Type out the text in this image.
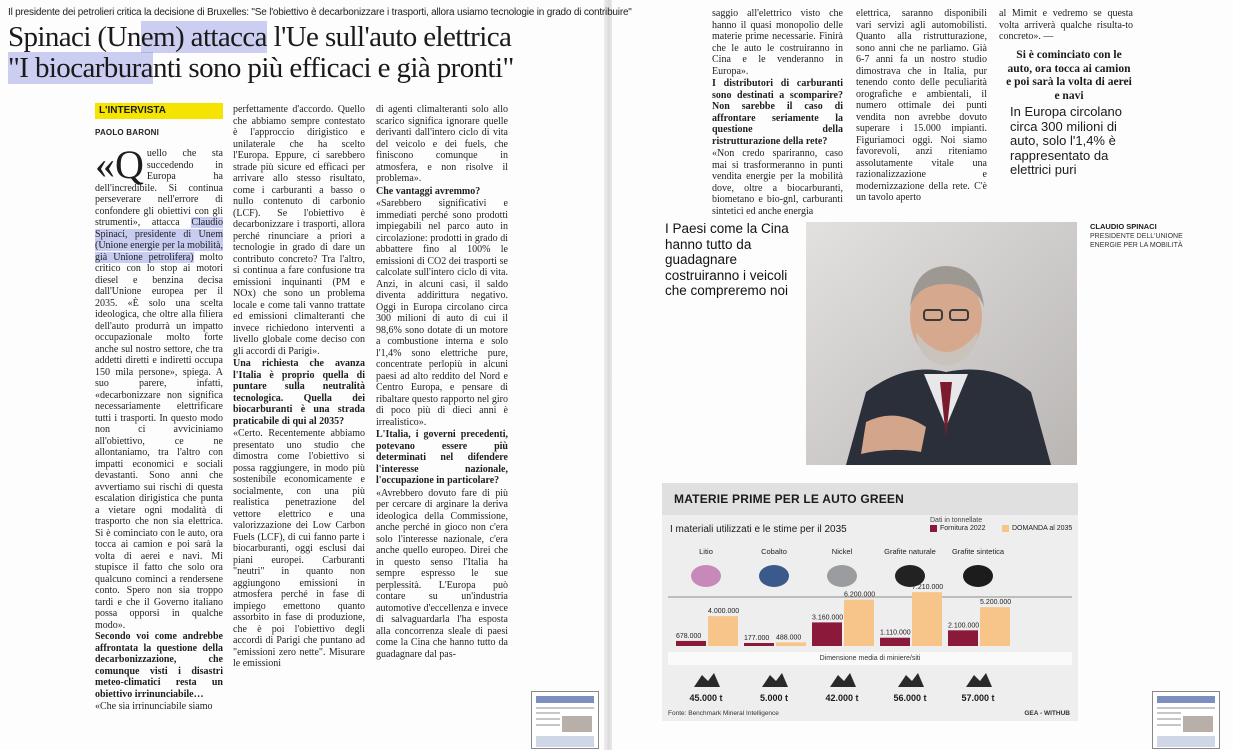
Il presidente dei petrolieri critica la decisione di Bruxelles: "Se l'obiettivo è decarbonizzare i trasporti, allora usiamo tecnologie in grado di contribuire"
Spinaci (Unem) attacca l'Ue sull'auto elettrica
"I biocarburanti sono più efficaci e già pronti"
L'INTERVISTA
PAOLO BARONI
«Q uello che sta succedendo in Europa ha dell'incredibile. Si continua perseverare nell'errore di confondere gli obiettivi con gli strumenti», attacca Claudio Spinaci, presidente di Unem (Unione energie per la mobilità, già Unione petrolifera) molto critico con lo stop ai motori diesel e benzina decisa dall'Unione europea per il 2035. «È solo una scelta ideologica, che oltre alla filiera dell'auto produrrà un impatto occupazionale molto forte anche sul nostro settore, che tra addetti diretti e indiretti occupa 150 mila persone», spiega. A suo parere, infatti, «decarbonizzare non significa necessariamente elettrificare tutti i trasporti. In questo modo non ci avviciniamo all'obiettivo, ce ne allontaniamo, tra l'altro con impatti economici e sociali devastanti. Sono anni che avvertiamo sui rischi di questa escalation dirigistica che punta a vietare ogni modalità di trasporto che non sia elettrica. Si è cominciato con le auto, ora tocca ai camion e poi sarà la volta di aerei e navi. Mi stupisce il fatto che solo ora qualcuno cominci a rendersene conto. Spero non sia troppo tardi e che il Governo italiano possa opporsi in qualche modo».

Secondo voi come andrebbe affrontata la questione della decarbonizzazione, che comunque visti i disastri meteo-climatici resta un obiettivo irrinunciabile…

«Che sia irrinunciabile siamo

perfettamente d'accordo. Quello che abbiamo sempre contestato è l'approccio dirigistico e unilaterale che ha scelto l'Europa. Eppure, ci sarebbero strade più sicure ed efficaci per arrivare allo stesso risultato, come i carburanti a basso o nullo contenuto di carbonio (LCF). Se l'obiettivo è decarbonizzare i trasporti, allora perché rinunciare a priori a tecnologie in grado di dare un contributo concreto? Tra l'altro, si continua a fare confusione tra emissioni inquinanti (PM e NOx) che sono un problema locale e come tali vanno trattate ed emissioni climalteranti che invece richiedono interventi a livello globale come deciso con gli accordi di Parigi».

Una richiesta che avanza l'Italia è proprio quella di puntare sulla neutralità tecnologica. Quella dei biocarburanti è una strada praticabile di qui al 2035?

«Certo. Recentemente abbiamo presentato uno studio che dimostra come l'obiettivo si possa raggiungere, in modo più sostenibile economicamente e socialmente, con una più realistica penetrazione del vettore elettrico e una valorizzazione dei Low Carbon Fuels (LCF), di cui fanno parte i biocarburanti, oggi esclusi dai piani europei. Carburanti "neutri" in quanto non aggiungono emissioni in atmosfera perché in fase di impiego emettono quanto assorbito in fase di produzione, che è poi l'obiettivo degli accordi di Parigi che puntano ad "emissioni zero nette". Misurare le emissioni

di agenti climalteranti solo allo scarico significa ignorare quelle derivanti dall'intero ciclo di vita del veicolo e dei fuels, che finiscono comunque in atmosfera, e non risolve il problema».

Che vantaggi avremmo?

«Sarebbero significativi e immediati perché sono prodotti impiegabili nel parco auto in circolazione: prodotti in grado di abbattere fino al 100% le emissioni di CO2 dei trasporti se calcolate sull'intero ciclo di vita. Anzi, in alcuni casi, il saldo diventa addirittura negativo. Oggi in Europa circolano circa 300 milioni di auto di cui il 98,6% sono dotate di un motore a combustione interna e solo l'1,4% sono elettriche pure, concentrate perlopiù in alcuni paesi ad alto reddito del Nord e Centro Europa, e pensare di ribaltare questo rapporto nel giro di poco più di dieci anni è irrealistico».

L'Italia, i governi precedenti, potevano essere più determinati nel difendere l'interesse nazionale, l'occupazione in particolare?

«Avrebbero dovuto fare di più per cercare di arginare la deriva ideologica della Commissione, anche perché in gioco non c'era solo l'interesse nazionale, c'era anche quello europeo. Direi che in questo senso l'Italia ha sempre espresso le sue perplessità. L'Europa può contare su un'industria automotive d'eccellenza e invece di salvaguardarla l'ha esposta alla concorrenza sleale di paesi come la Cina che hanno tutto da guadagnare dal pas-

saggio all'elettrico visto che hanno il quasi monopolio delle materie prime necessarie. Finirà che le auto le costruiranno in Cina e le venderanno in Europa».

I distributori di carburanti sono destinati a scomparire? Non sarebbe il caso di affrontare seriamente la questione della ristrutturazione della rete?

«Non credo spariranno, caso mai si trasformeranno in punti vendita energie per la mobilità dove, oltre a biocarburanti, biometano e bio-gnl, carburanti sintetici ed anche energia

elettrica, saranno disponibili vari servizi agli automobilisti. Quanto alla ristrutturazione, sono anni che ne parliamo. Già 6-7 anni fa un nostro studio dimostrava che in Italia, pur tenendo conto delle peculiarità orografiche e ambientali, il numero ottimale dei punti vendita non avrebbe dovuto superare i 15.000 impianti. Figuriamoci oggi. Noi siamo favorevoli, anzi riteniamo assolutamente vitale una razionalizzazione e modernizzazione della rete. C'è un tavolo aperto

al Mimit e vedremo se questa volta arriverà qualche risulta-to concreto». —

Si è cominciato con le auto, ora tocca ai camion e poi sarà la volta di aerei e navi
In Europa circolano circa 300 milioni di auto, solo l'1,4% è rappresentato da elettrici puri
I Paesi come la Cina hanno tutto da guadagnare costruiranno i veicoli che compreremo noi
CLAUDIO SPINACI
PRESIDENTE DELL'UNIONE ENERGIE PER LA MOBILITÀ
MATERIE PRIME PER LE AUTO GREEN
I materiali utilizzati e le stime per il 2035
Dati in tonnellate
Fornitura 2022	DOMANDA al 2035
Litio
678.000
4.000.000
45.000 t
Cobalto
177.000 488.000
5.000 t
Nickel
3.160.000
6.200.000
42.000 t
Grafite naturale
1.110.000
7.210.000
56.000 t
Grafite sintetica
2.100.000
5.200.000
57.000 t
Dimensione media di miniere/siti
Fonte: Benchmark Mineral Intelligence	GEA - WITHUB
